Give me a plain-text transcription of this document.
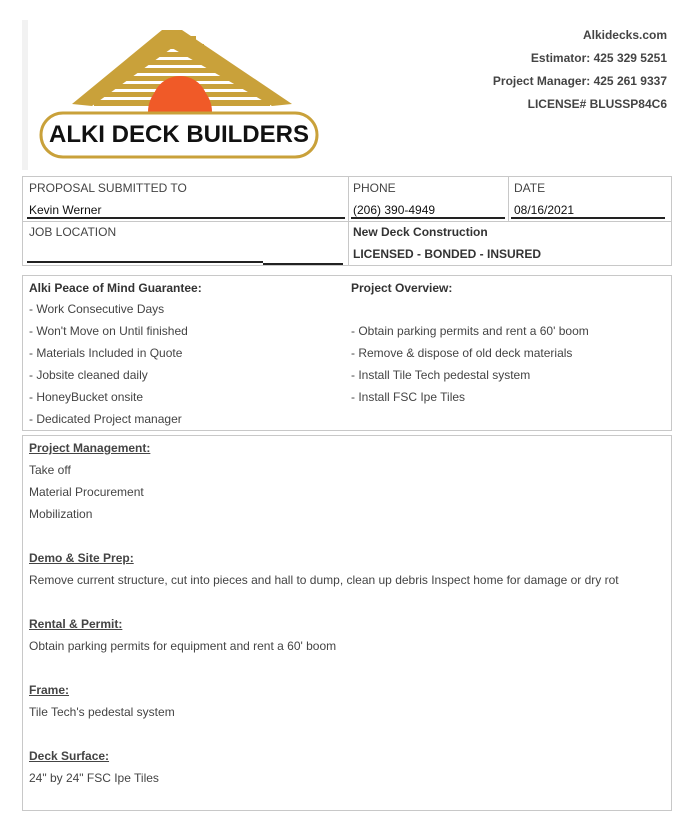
ALKI DECK BUILDERS
Alkidecks.com
Estimator: 425 329 5251
Project Manager: 425 261 9337
LICENSE# BLUSSP84C6
PROPOSAL SUBMITTED TO
Kevin Werner
PHONE
(206) 390-4949
DATE
08/16/2021
JOB LOCATION	New Deck Construction
LICENSED - BONDED - INSURED
Alki Peace of Mind Guarantee:
- Work Consecutive Days
- Won't Move on Until finished
- Materials Included in Quote
- Jobsite cleaned daily
- HoneyBucket onsite
- Dedicated Project manager
Project Overview:
- Obtain parking permits and rent a 60' boom
- Remove & dispose of old deck materials
- Install Tile Tech pedestal system
- Install FSC Ipe Tiles
Project Management:
Take off
Material Procurement
Mobilization
Demo & Site Prep:
Remove current structure, cut into pieces and hall to dump, clean up debris Inspect home for damage or dry rot
Rental & Permit:
Obtain parking permits for equipment and rent a 60' boom
Frame:
Tile Tech's pedestal system
Deck Surface:
24" by 24" FSC Ipe Tiles
